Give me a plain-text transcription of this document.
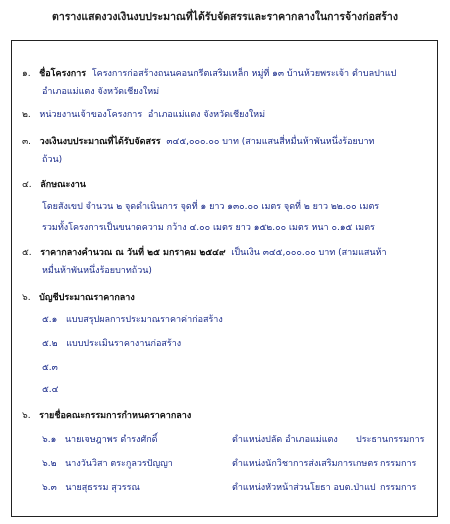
ตารางแสดงวงเงินงบประมาณที่ได้รับจัดสรรและราคากลางในการจ้างก่อสร้าง
๑. ชื่อโครงการ โครงการก่อสร้างถนนคอนกรีตเสริมเหล็ก หมู่ที่ ๑๓ บ้านห้วยพระเจ้า ตำบลปาแป
อำเภอแม่แตง จังหวัดเชียงใหม่
๒. หน่วยงานเจ้าของโครงการ อำเภอแม่แตง จังหวัดเชียงใหม่
๓. วงเงินงบประมาณที่ได้รับจัดสรร ๓๔๕,๐๐๐.๐๐ บาท (สามแสนสี่หมื่นห้าพันหนึ่งร้อยบาท
ถ้วน)
๔. ลักษณะงาน
โดยสังเขป จำนวน ๒ จุดดำเนินการ จุดที่ ๑ ยาว ๑๓๐.๐๐ เมตร จุดที่ ๒ ยาว ๒๒.๐๐ เมตร
รวมทั้งโครงการเป็นขนาดความ กว้าง ๔.๐๐ เมตร ยาว ๑๕๒.๐๐ เมตร หนา ๐.๑๕ เมตร
๕. ราคากลางคำนวณ ณ วันที่ ๒๕ มกราคม ๒๕๔๙ เป็นเงิน ๓๔๕,๐๐๐.๐๐ บาท (สามแสนห้า
หมื่นห้าพันหนึ่งร้อยบาทถ้วน)
๖. บัญชีประมาณราคากลาง
๕.๑ แบบสรุปผลการประมาณราคาค่าก่อสร้าง
๕.๒ แบบประเมินราคางานก่อสร้าง
๕.๓
๕.๔
๖. รายชื่อคณะกรรมการกำหนดราคากลาง
๖.๑ นายเจษฎาพร ดำรงศักดิ์	ตำแหน่งปลัด อำเภอแม่แตง ประธานกรรมการ
๖.๒ นางวันวิสา ตระกูลวรปัญญา	ตำแหน่งนักวิชาการส่งเสริมการเกษตร กรรมการ
๖.๓ นายสุธรรม สุวรรณ	ตำแหน่งหัวหน้าส่วนโยธา อบต.ป่าแป กรรมการ
